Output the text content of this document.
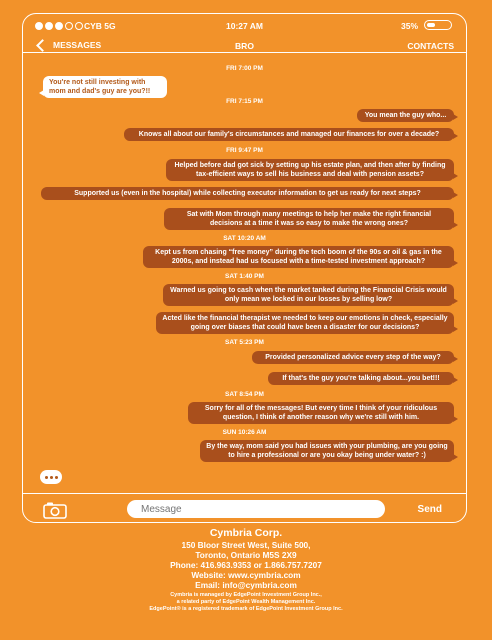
CYB 5G	10:27 AM	35%
MESSAGES	BRO	CONTACTS
FRI 7:00 PM
You're not still investing with mom and dad's guy are you?!!
FRI 7:15 PM
You mean the guy who...
Knows all about our family's circumstances and managed our finances for over a decade?
FRI 9:47 PM
Helped before dad got sick by setting up his estate plan, and then after by finding tax-efficient ways to sell his business and deal with pension assets?
Supported us (even in the hospital) while collecting executor information to get us ready for next steps?
Sat with Mom through many meetings to help her make the right financial decisions at a time it was so easy to make the wrong ones?
SAT 10:20 AM
Kept us from chasing “free money” during the tech boom of the 90s or oil & gas in the 2000s, and instead had us focused with a time-tested investment approach?
SAT 1:40 PM
Warned us going to cash when the market tanked during the Financial Crisis would only mean we locked in our losses by selling low?
Acted like the financial therapist we needed to keep our emotions in check, especially going over biases that could have been a disaster for our decisions?
SAT 5:23 PM
Provided personalized advice every step of the way?
If that's the guy you're talking about...you bet!!!
SAT 8:54 PM
Sorry for all of the messages! But every time I think of your ridiculous question, I think of another reason why we're still with him.
SUN 10:26 AM
By the way, mom said you had issues with your plumbing, are you going to hire a professional or are you okay being under water? :)
Message
Send
Cymbria Corp.
150 Bloor Street West, Suite 500,
Toronto, Ontario M5S 2X9
Phone: 416.963.9353 or 1.866.757.7207
Website: www.cymbria.com
Email: info@cymbria.com
Cymbria is managed by EdgePoint Investment Group Inc.,
a related party of EdgePoint Wealth Management Inc.
EdgePoint® is a registered trademark of EdgePoint Investment Group Inc.
